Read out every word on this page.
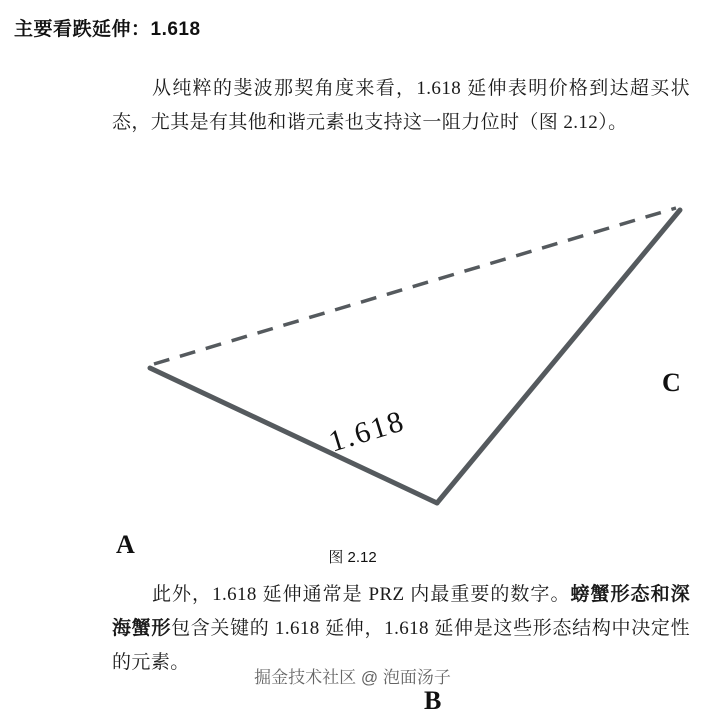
主要看跌延伸：1.618
从纯粹的斐波那契角度来看，1.618 延伸表明价格到达超买状态，尤其是有其他和谐元素也支持这一阻力位时（图 2.12）。
A
B
C
1.618
图 2.12
此外，1.618 延伸通常是 PRZ 内最重要的数字。螃蟹形态和深海蟹形包含关键的 1.618 延伸，1.618 延伸是这些形态结构中决定性的元素。
掘金技术社区 @ 泡面汤子
